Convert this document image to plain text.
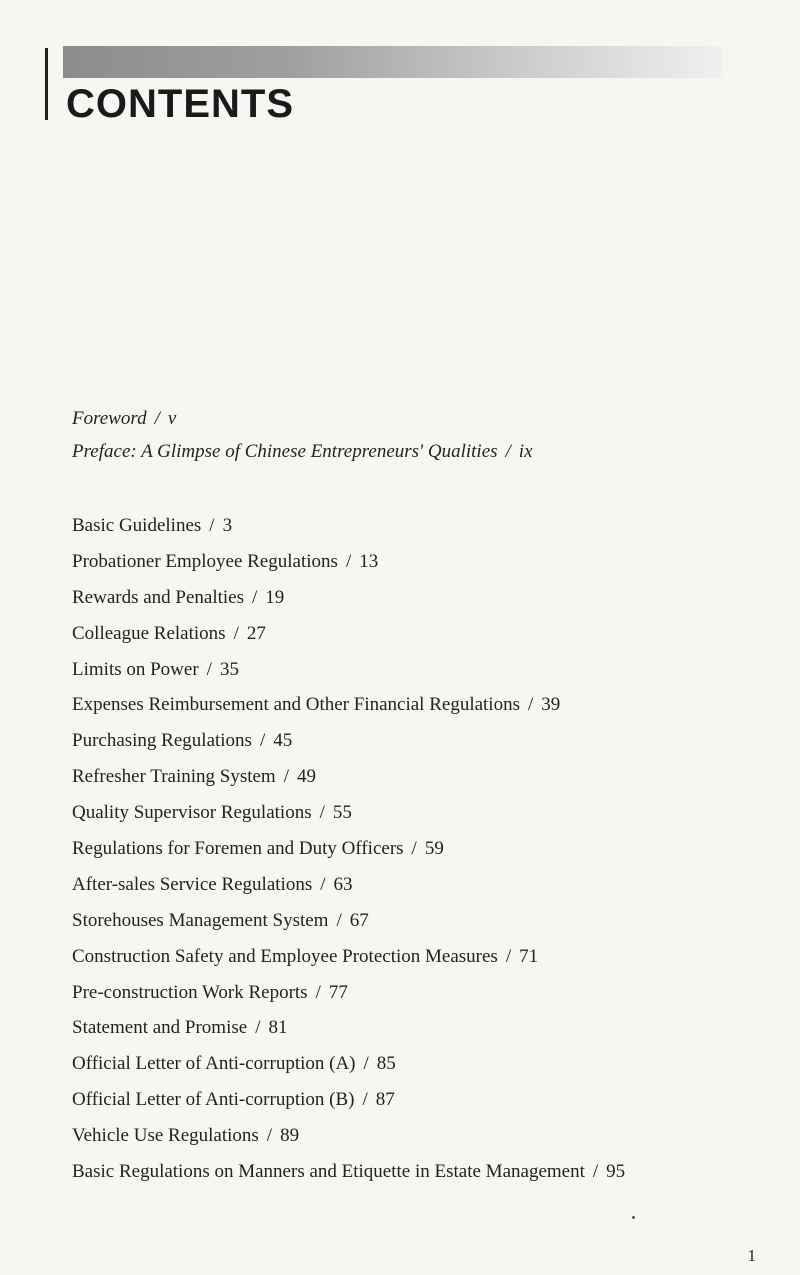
CONTENTS
Foreword / v
Preface: A Glimpse of Chinese Entrepreneurs' Qualities / ix
Basic Guidelines / 3
Probationer Employee Regulations / 13
Rewards and Penalties / 19
Colleague Relations / 27
Limits on Power / 35
Expenses Reimbursement and Other Financial Regulations / 39
Purchasing Regulations / 45
Refresher Training System / 49
Quality Supervisor Regulations / 55
Regulations for Foremen and Duty Officers / 59
After-sales Service Regulations / 63
Storehouses Management System / 67
Construction Safety and Employee Protection Measures / 71
Pre-construction Work Reports / 77
Statement and Promise / 81
Official Letter of Anti-corruption (A) / 85
Official Letter of Anti-corruption (B) / 87
Vehicle Use Regulations / 89
Basic Regulations on Manners and Etiquette in Estate Management / 95
1
